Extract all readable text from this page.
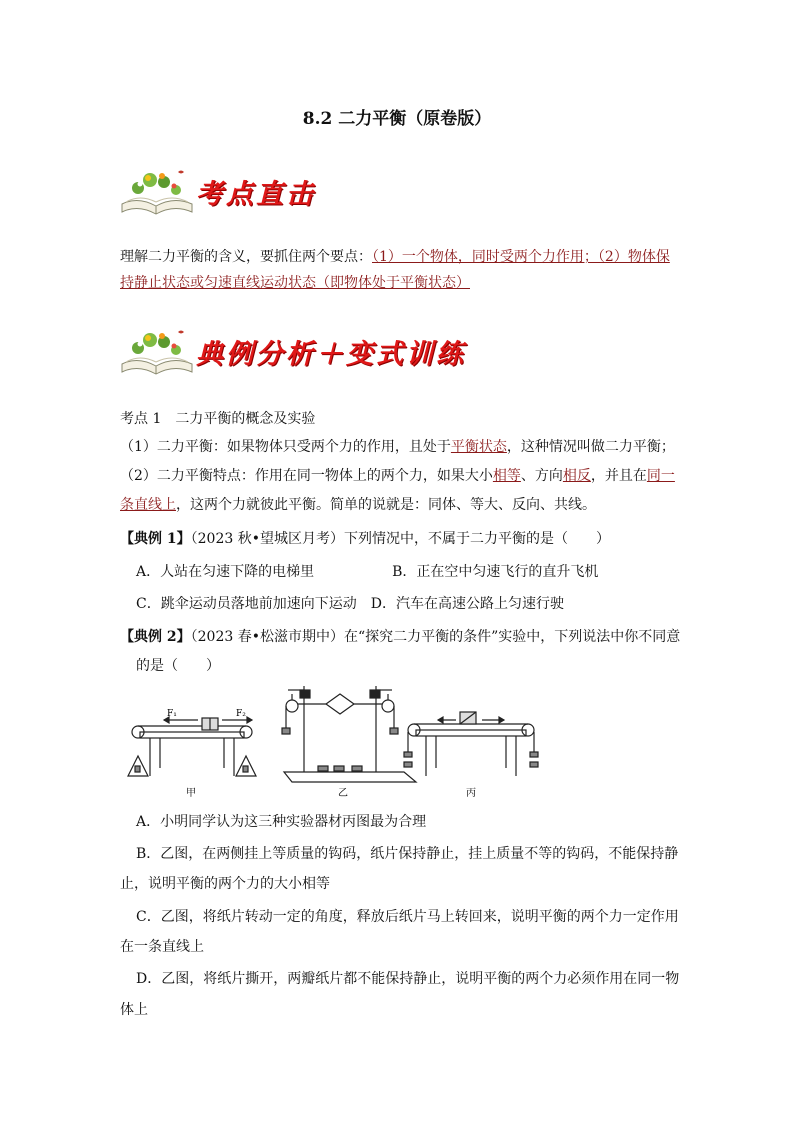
8.2 二力平衡（原卷版）
考点直击
理解二力平衡的含义，要抓住两个要点：（1）一个物体，同时受两个力作用；（2）物体保
持静止状态或匀速直线运动状态（即物体处于平衡状态）
典例分析＋变式训练
考点 1　二力平衡的概念及实验
（1）二力平衡：如果物体只受两个力的作用，且处于平衡状态，这种情况叫做二力平衡；
（2）二力平衡特点：作用在同一物体上的两个力，如果大小相等、方向相反，并且在同一
条直线上，这两个力就彼此平衡。简单的说就是：同体、等大、反向、共线。
【典例 1】（2023 秋•望城区月考）下列情况中，不属于二力平衡的是（　　）
A．人站在匀速下降的电梯里	B．正在空中匀速飞行的直升飞机
C．跳伞运动员落地前加速向下运动 D．汽车在高速公路上匀速行驶
【典例 2】（2023 春•松滋市期中）在“探究二力平衡的条件”实验中，下列说法中你不同意
的是（　　）
F₁	F₂
甲	乙	丙
A．小明同学认为这三种实验器材丙图最为合理
B．乙图，在两侧挂上等质量的钩码，纸片保持静止，挂上质量不等的钩码，不能保持静
止，说明平衡的两个力的大小相等
C．乙图，将纸片转动一定的角度，释放后纸片马上转回来，说明平衡的两个力一定作用
在一条直线上
D．乙图，将纸片撕开，两瓣纸片都不能保持静止，说明平衡的两个力必须作用在同一物
体上
